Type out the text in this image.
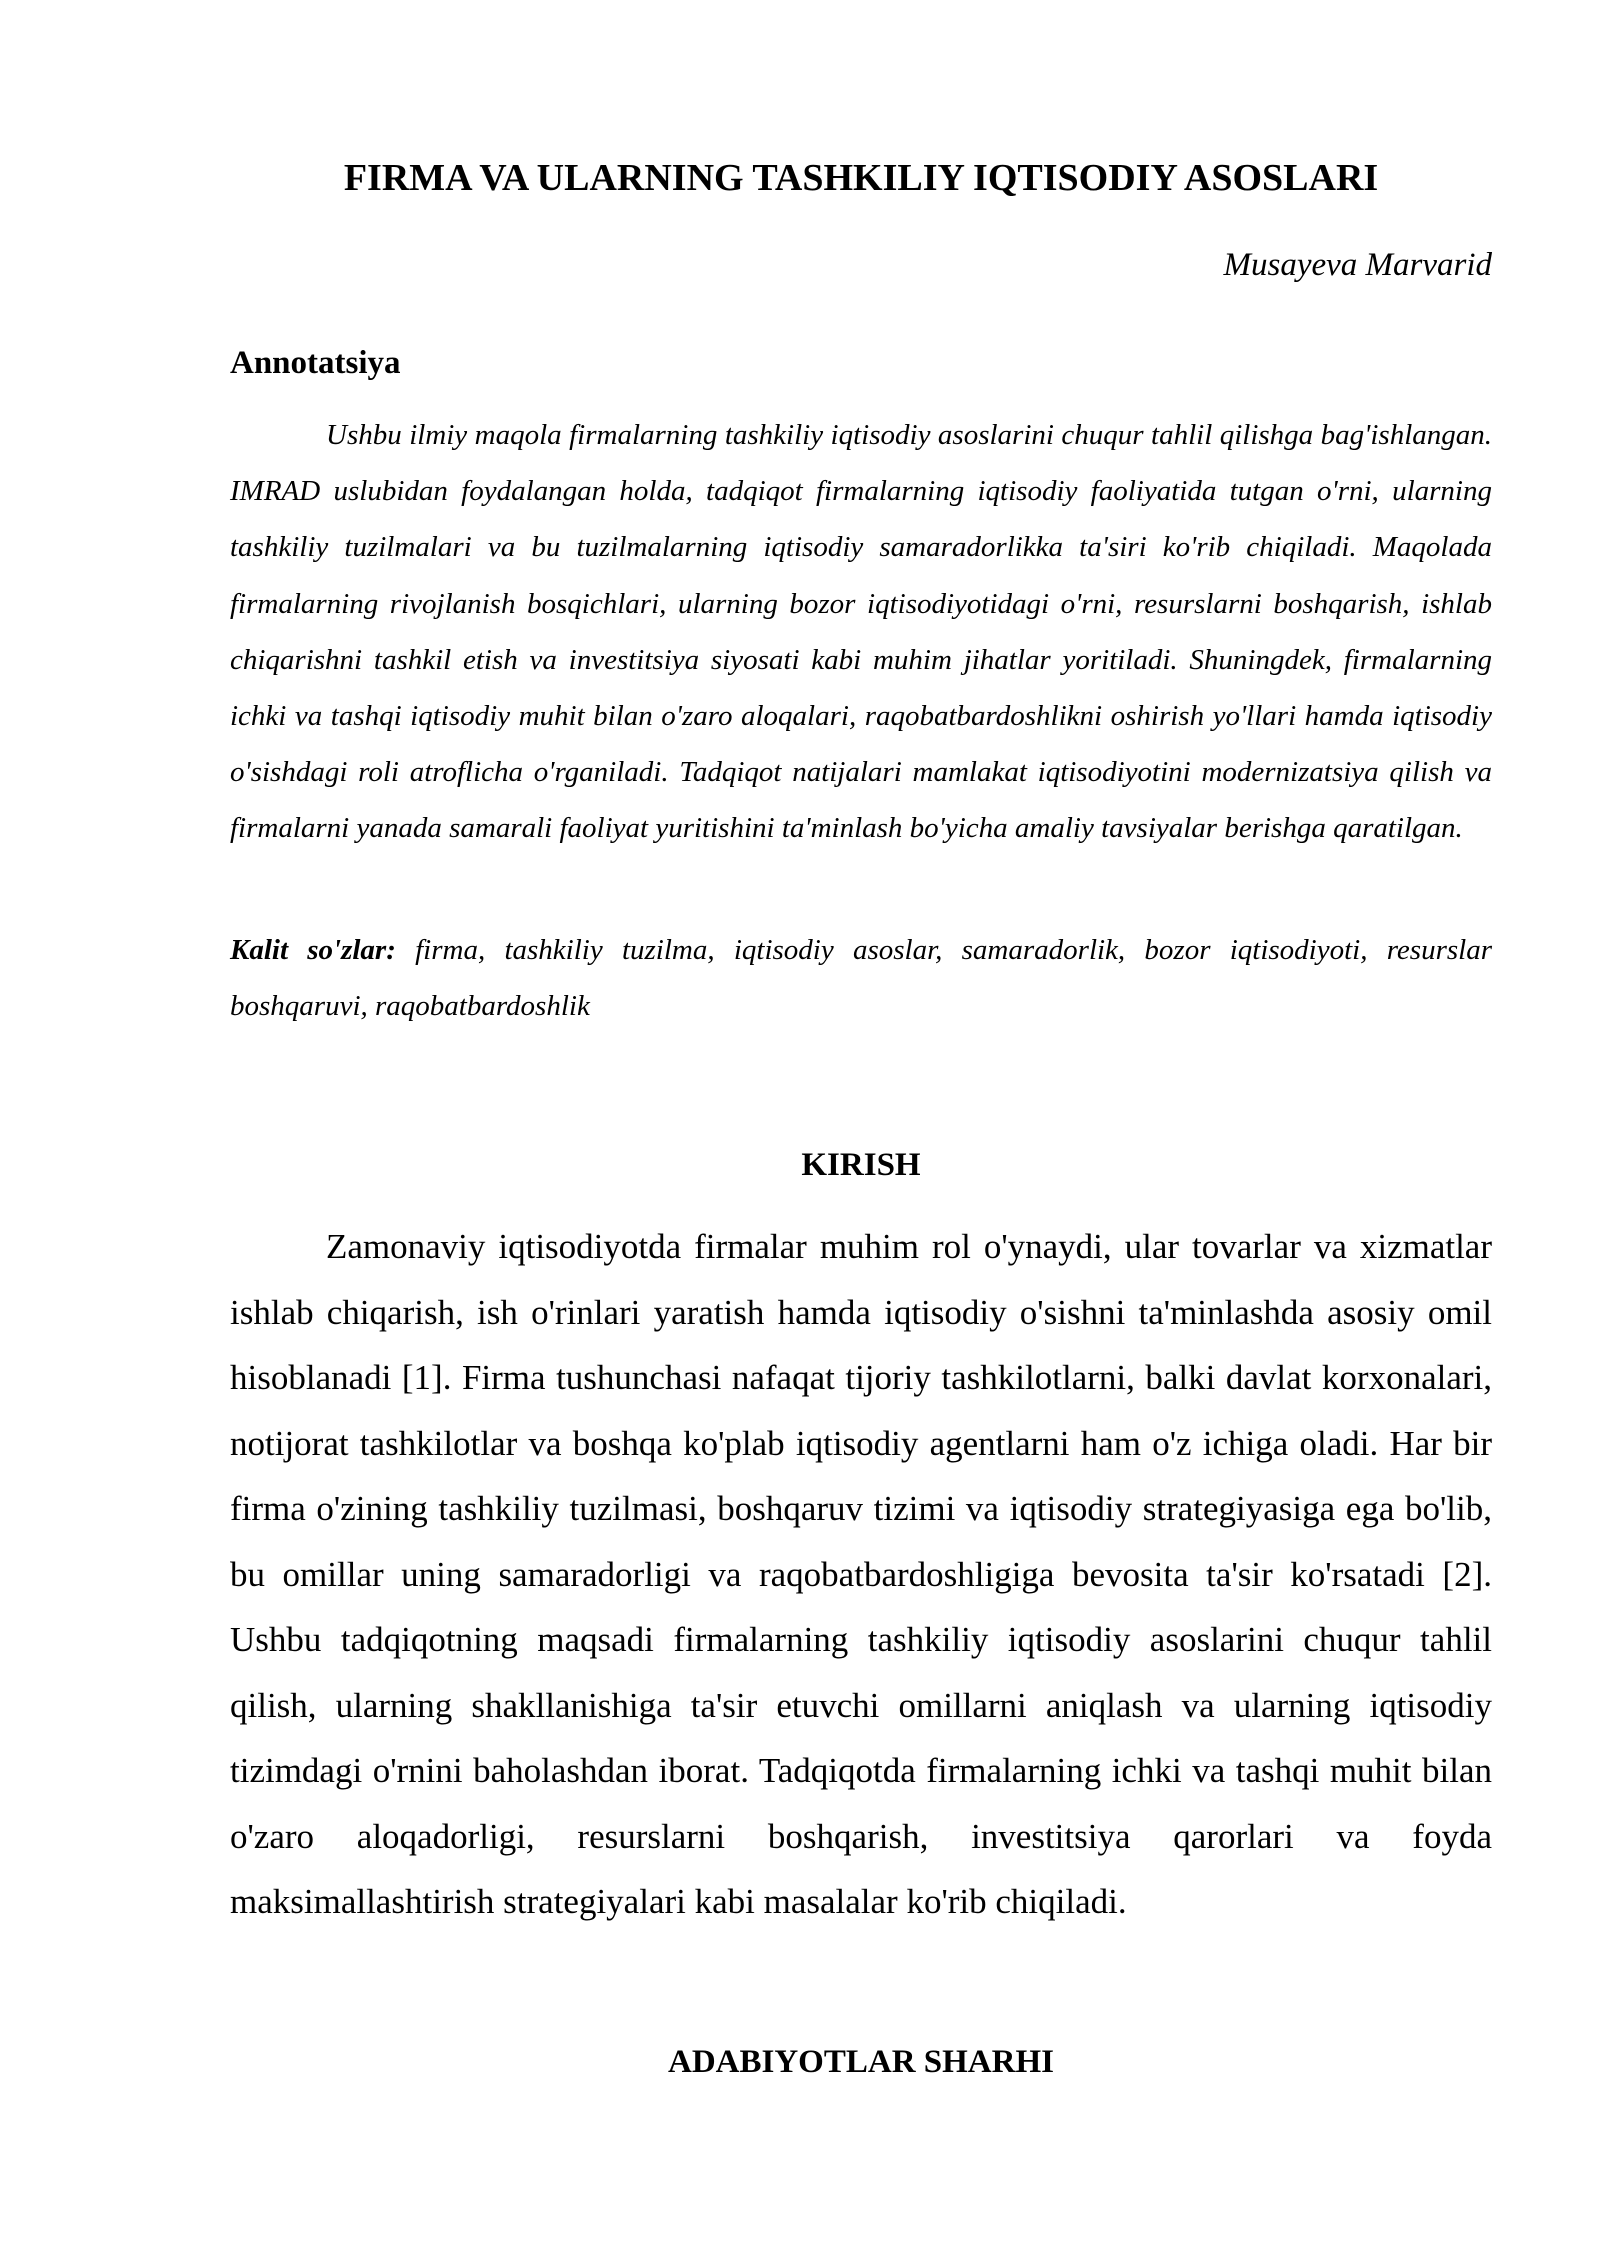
FIRMA VA ULARNING TASHKILIY IQTISODIY ASOSLARI

Musayeva Marvarid

Annotatsiya

Ushbu ilmiy maqola firmalarning tashkiliy iqtisodiy asoslarini chuqur tahlil qilishga bag'ishlangan. IMRAD uslubidan foydalangan holda, tadqiqot firmalarning iqtisodiy faoliyatida tutgan o'rni, ularning tashkiliy tuzilmalari va bu tuzilmalarning iqtisodiy samaradorlikka ta'siri ko'rib chiqiladi. Maqolada firmalarning rivojlanish bosqichlari, ularning bozor iqtisodiyotidagi o'rni, resurslarni boshqarish, ishlab chiqarishni tashkil etish va investitsiya siyosati kabi muhim jihatlar yoritiladi. Shuningdek, firmalarning ichki va tashqi iqtisodiy muhit bilan o'zaro aloqalari, raqobatbardoshlikni oshirish yo'llari hamda iqtisodiy o'sishdagi roli atroflicha o'rganiladi. Tadqiqot natijalari mamlakat iqtisodiyotini modernizatsiya qilish va firmalarni yanada samarali faoliyat yuritishini ta'minlash bo'yicha amaliy tavsiyalar berishga qaratilgan.

Kalit so'zlar: firma, tashkiliy tuzilma, iqtisodiy asoslar, samaradorlik, bozor iqtisodiyoti, resurslar boshqaruvi, raqobatbardoshlik

KIRISH

Zamonaviy iqtisodiyotda firmalar muhim rol o'ynaydi, ular tovarlar va xizmatlar ishlab chiqarish, ish o'rinlari yaratish hamda iqtisodiy o'sishni ta'minlashda asosiy omil hisoblanadi [1]. Firma tushunchasi nafaqat tijoriy tashkilotlarni, balki davlat korxonalari, notijorat tashkilotlar va boshqa ko'plab iqtisodiy agentlarni ham o'z ichiga oladi. Har bir firma o'zining tashkiliy tuzilmasi, boshqaruv tizimi va iqtisodiy strategiyasiga ega bo'lib, bu omillar uning samaradorligi va raqobatbardoshligiga bevosita ta'sir ko'rsatadi [2]. Ushbu tadqiqotning maqsadi firmalarning tashkiliy iqtisodiy asoslarini chuqur tahlil qilish, ularning shakllanishiga ta'sir etuvchi omillarni aniqlash va ularning iqtisodiy tizimdagi o'rnini baholashdan iborat. Tadqiqotda firmalarning ichki va tashqi muhit bilan o'zaro aloqadorligi, resurslarni boshqarish, investitsiya qarorlari va foyda maksimallashtirish strategiyalari kabi masalalar ko'rib chiqiladi.

ADABIYOTLAR SHARHI
